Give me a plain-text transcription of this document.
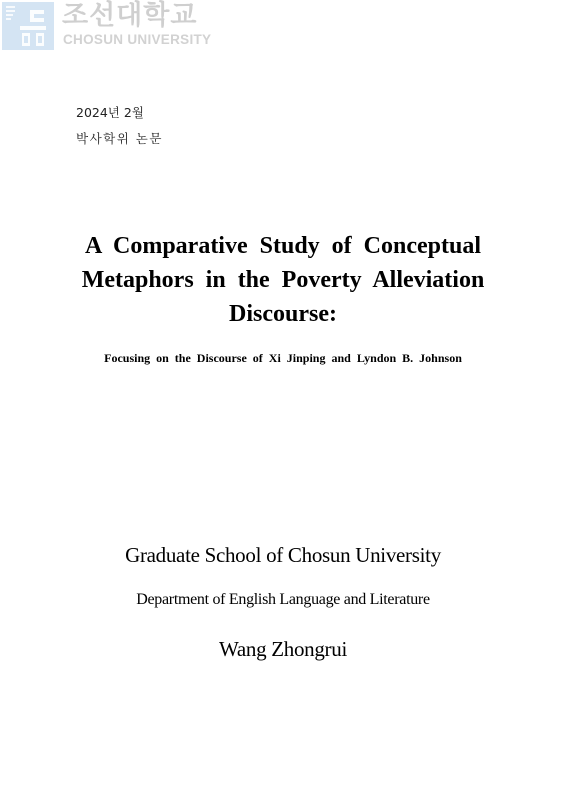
조선대학교
CHOSUN UNIVERSITY
2024년 2월
박사학위 논문
A Comparative Study of Conceptual Metaphors in the Poverty Alleviation Discourse:
Focusing on the Discourse of Xi Jinping and Lyndon B. Johnson
Graduate School of Chosun University
Department of English Language and Literature
Wang Zhongrui
